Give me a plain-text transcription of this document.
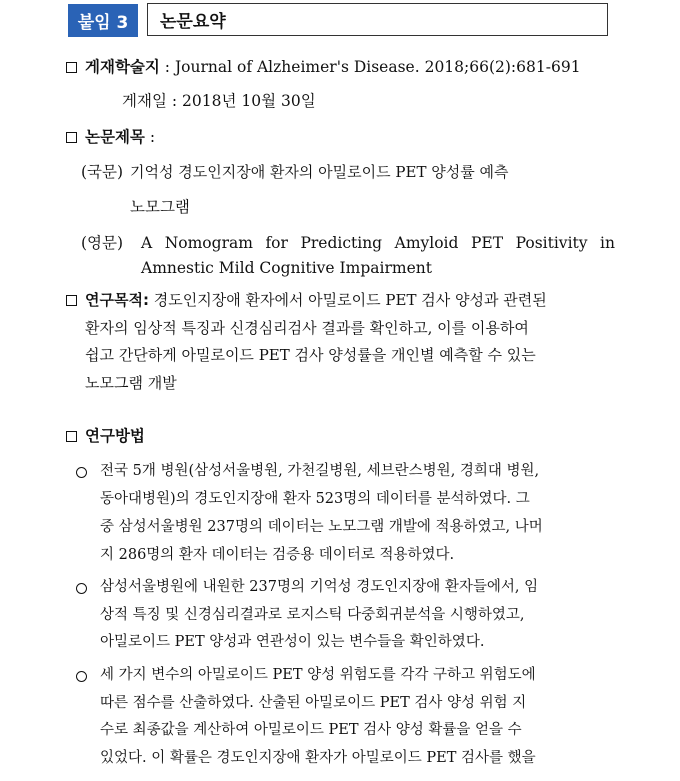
붙임 3	논문요약
게재학술지 : Journal of Alzheimer's Disease. 2018;66(2):681-691
게재일 : 2018년 10월 30일
논문제목 :
(국문) 기억성 경도인지장애 환자의 아밀로이드 PET 양성률 예측
노모그램
(영문) A Nomogram for Predicting Amyloid PET Positivity in
Amnestic Mild Cognitive Impairment
연구목적: 경도인지장애 환자에서 아밀로이드 PET 검사 양성과 관련된
환자의 임상적 특징과 신경심리검사 결과를 확인하고, 이를 이용하여
쉽고 간단하게 아밀로이드 PET 검사 양성률을 개인별 예측할 수 있는
노모그램 개발
연구방법
전국 5개 병원(삼성서울병원, 가천길병원, 세브란스병원, 경희대 병원,
동아대병원)의 경도인지장애 환자 523명의 데이터를 분석하였다. 그
중 삼성서울병원 237명의 데이터는 노모그램 개발에 적용하였고, 나머
지 286명의 환자 데이터는 검증용 데이터로 적용하였다.
삼성서울병원에 내원한 237명의 기억성 경도인지장애 환자들에서, 임
상적 특징 및 신경심리결과로 로지스틱 다중회귀분석을 시행하였고,
아밀로이드 PET 양성과 연관성이 있는 변수들을 확인하였다.
세 가지 변수의 아밀로이드 PET 양성 위험도를 각각 구하고 위험도에
따른 점수를 산출하였다. 산출된 아밀로이드 PET 검사 양성 위험 지
수로 최종값을 계산하여 아밀로이드 PET 검사 양성 확률을 얻을 수
있었다. 이 확률은 경도인지장애 환자가 아밀로이드 PET 검사를 했을
